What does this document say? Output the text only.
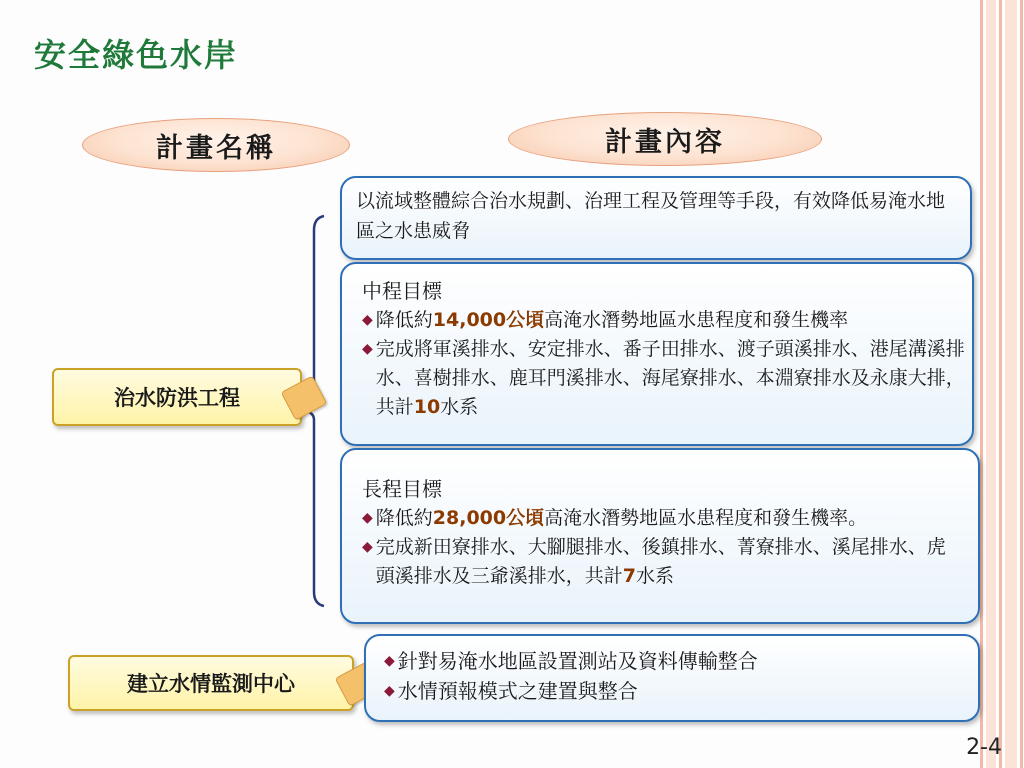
安全綠色水岸
計畫名稱	計畫內容
治水防洪工程
建立水情監測中心
以流域整體綜合治水規劃、治理工程及管理等手段，有效降低易淹水地區之水患威脅
中程目標
◆ 降低約14,000公頃高淹水潛勢地區水患程度和發生機率
◆ 完成將軍溪排水、安定排水、番子田排水、渡子頭溪排水、港尾溝溪排水、喜樹排水、鹿耳門溪排水、海尾寮排水、本淵寮排水及永康大排，共計10水系
長程目標
◆ 降低約28,000公頃高淹水潛勢地區水患程度和發生機率。
◆ 完成新田寮排水、大腳腿排水、後鎮排水、菁寮排水、溪尾排水、虎頭溪排水及三爺溪排水，共計7水系
◆ 針對易淹水地區設置測站及資料傳輸整合
◆ 水情預報模式之建置與整合
2-4
